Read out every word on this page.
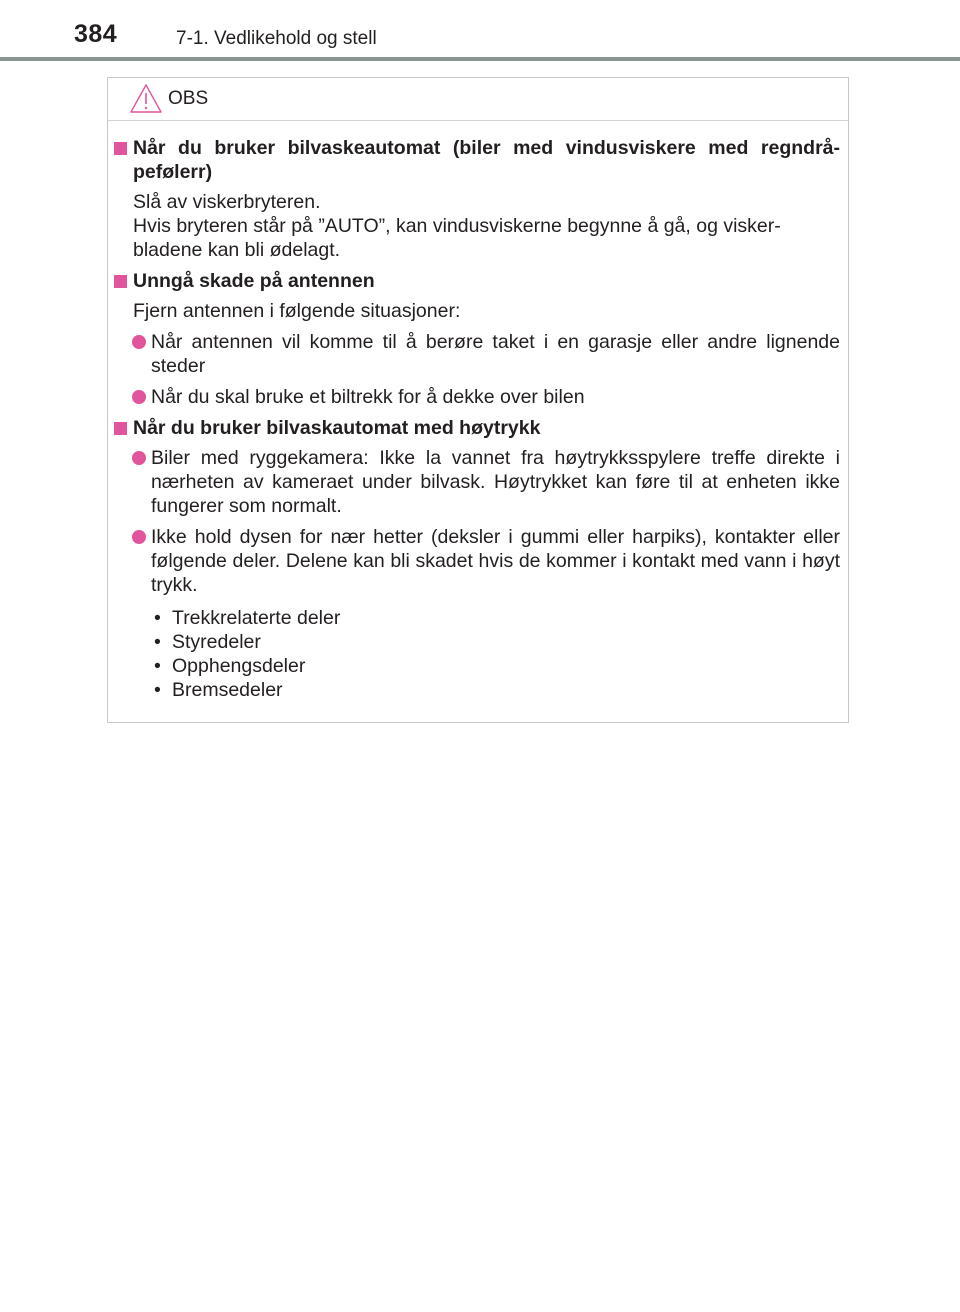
384	7-1. Vedlikehold og stell
OBS
Når du bruker bilvaskeautomat (biler med vindusviskere med regndrå-pefølerr)
Slå av viskerbryteren.
Hvis bryteren står på ”AUTO”, kan vindusviskerne begynne å gå, og visker-bladene kan bli ødelagt.
Unngå skade på antennen
Fjern antennen i følgende situasjoner:
Når antennen vil komme til å berøre taket i en garasje eller andre lignende steder
Når du skal bruke et biltrekk for å dekke over bilen
Når du bruker bilvaskautomat med høytrykk
Biler med ryggekamera: Ikke la vannet fra høytrykksspylere treffe direkte i nærheten av kameraet under bilvask. Høytrykket kan føre til at enheten ikke fungerer som normalt.
Ikke hold dysen for nær hetter (deksler i gummi eller harpiks), kontakter eller følgende deler. Delene kan bli skadet hvis de kommer i kontakt med vann i høyt trykk.
• Trekkrelaterte deler
• Styredeler
• Opphengsdeler
• Bremsedeler
